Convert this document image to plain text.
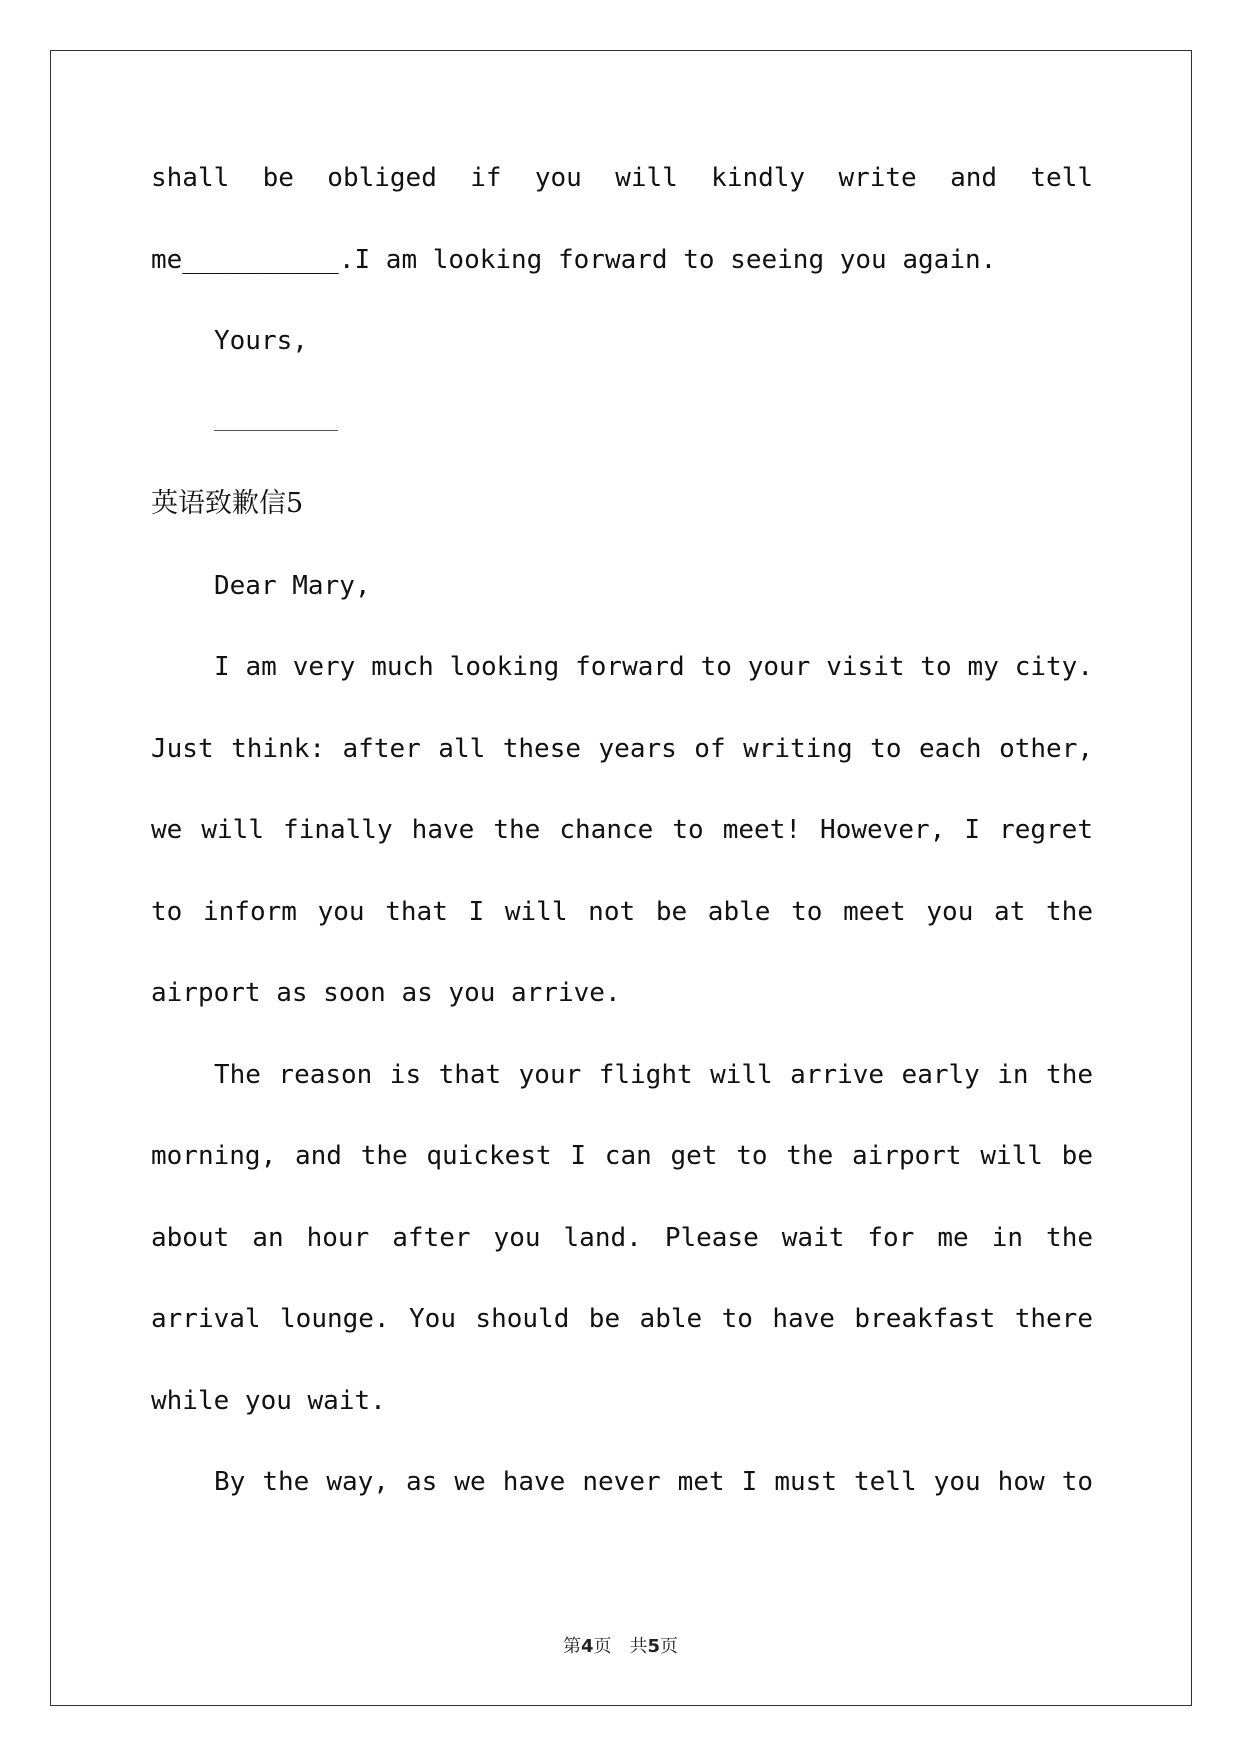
shall be obliged if you will kindly write and tell
me__________.I am looking forward to seeing you again.
Yours,
英语致歉信5
Dear Mary,
I am very much looking forward to your visit to my city.
Just think: after all these years of writing to each other,
we will finally have the chance to meet! However, I regret
to inform you that I will not be able to meet you at the
airport as soon as you arrive.
The reason is that your flight will arrive early in the
morning, and the quickest I can get to the airport will be
about an hour after you land. Please wait for me in the
arrival lounge. You should be able to have breakfast there
while you wait.
By the way, as we have never met I must tell you how to
第4页　共5页
